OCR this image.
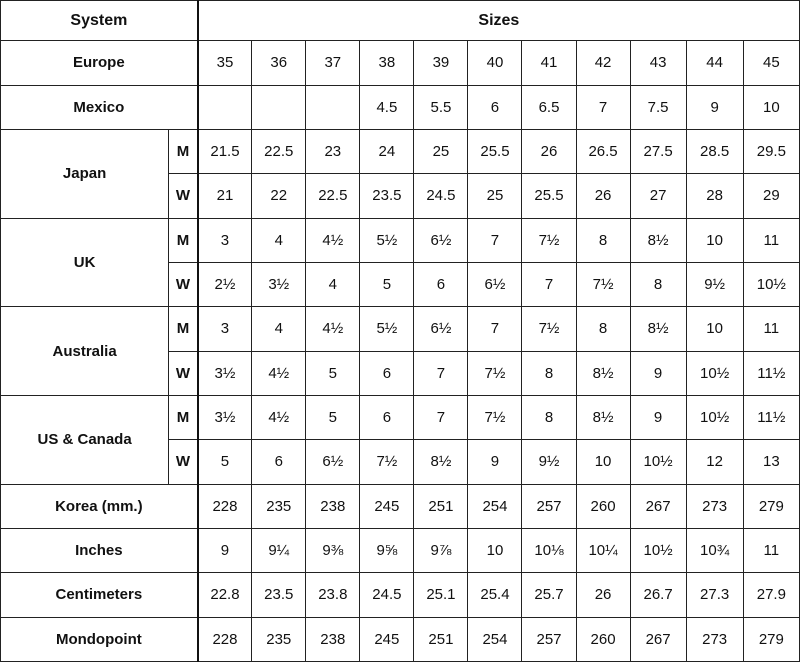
System		Sizes										
Europe		35	36	37	38	39	40	41	42	43	44	45
Mexico					4.5	5.5	6	6.5	7	7.5	9	10
Japan	M	21.5	22.5	23	24	25	25.5	26	26.5	27.5	28.5	29.5
	W	21	22	22.5	23.5	24.5	25	25.5	26	27	28	29
UK	M	3	4	4½	5½	6½	7	7½	8	8½	10	11
	W	2½	3½	4	5	6	6½	7	7½	8	9½	10½
Australia	M	3	4	4½	5½	6½	7	7½	8	8½	10	11
	W	3½	4½	5	6	7	7½	8	8½	9	10½	11½
US & Canada	M	3½	4½	5	6	7	7½	8	8½	9	10½	11½
	W	5	6	6½	7½	8½	9	9½	10	10½	12	13
Korea (mm.)		228	235	238	245	251	254	257	260	267	273	279
Inches		9	9¼	9⅜	9⅝	9⅞	10	10⅛	10¼	10½	10¾	11
Centimeters		22.8	23.5	23.8	24.5	25.1	25.4	25.7	26	26.7	27.3	27.9
Mondopoint		228	235	238	245	251	254	257	260	267	273	279
